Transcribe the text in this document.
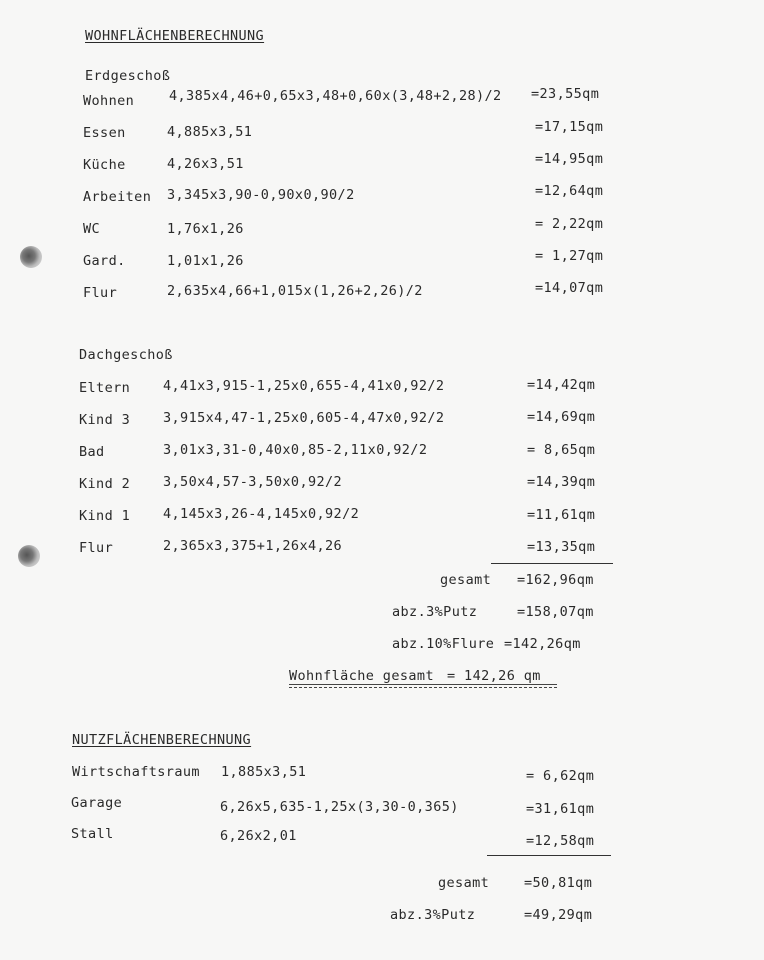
WOHNFLÄCHENBERECHNUNG
Erdgeschoß
Wohnen	4,385x4,46+0,65x3,48+0,60x(3,48+2,28)/2 =23,55qm
Essen	4,885x3,51	=17,15qm
Küche	4,26x3,51	=14,95qm
Arbeiten 3,345x3,90-0,90x0,90/2	=12,64qm
WC	1,76x1,26	= 2,22qm
Gard.	1,01x1,26	= 1,27qm
Flur	2,635x4,66+1,015x(1,26+2,26)/2	=14,07qm
Dachgeschoß
Eltern 4,41x3,915-1,25x0,655-4,41x0,92/2	=14,42qm
Kind 3 3,915x4,47-1,25x0,605-4,47x0,92/2	=14,69qm
Bad	3,01x3,31-0,40x0,85-2,11x0,92/2	= 8,65qm
Kind 2 3,50x4,57-3,50x0,92/2	=14,39qm
Kind 1 4,145x3,26-4,145x0,92/2	=11,61qm
Flur	2,365x3,375+1,26x4,26	=13,35qm
gesamt =162,96qm
abz.3%Putz	=158,07qm
abz.10%Flure =142,26qm
Wohnfläche gesamt = 142,26 qm
NUTZFLÄCHENBERECHNUNG
Wirtschaftsraum 1,885x3,51	= 6,62qm
Garage	6,26x5,635-1,25x(3,30-0,365)	=31,61qm
Stall	6,26x2,01	=12,58qm
gesamt	=50,81qm
abz.3%Putz	=49,29qm
